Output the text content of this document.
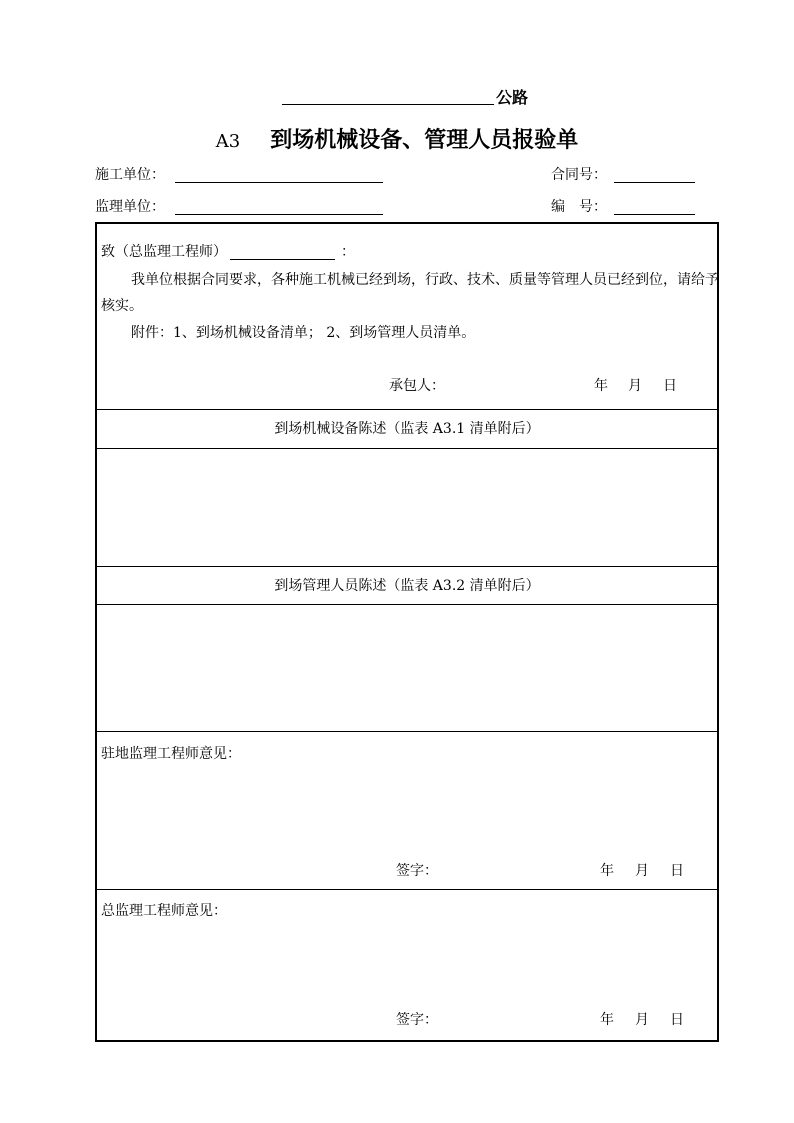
公路
A3 到场机械设备、管理人员报验单
施工单位：	合同号：
监理单位：	编　号：
致（总监理工程师）	：
我单位根据合同要求，各种施工机械已经到场，行政、技术、质量等管理人员已经到位，请给予
核实。
附件：1、到场机械设备清单； 2、到场管理人员清单。
承包人：	年 月 日
到场机械设备陈述（监表 A3.1 清单附后）
到场管理人员陈述（监表 A3.2 清单附后）
驻地监理工程师意见：
签字：	年 月 日
总监理工程师意见：
签字：	年 月 日
